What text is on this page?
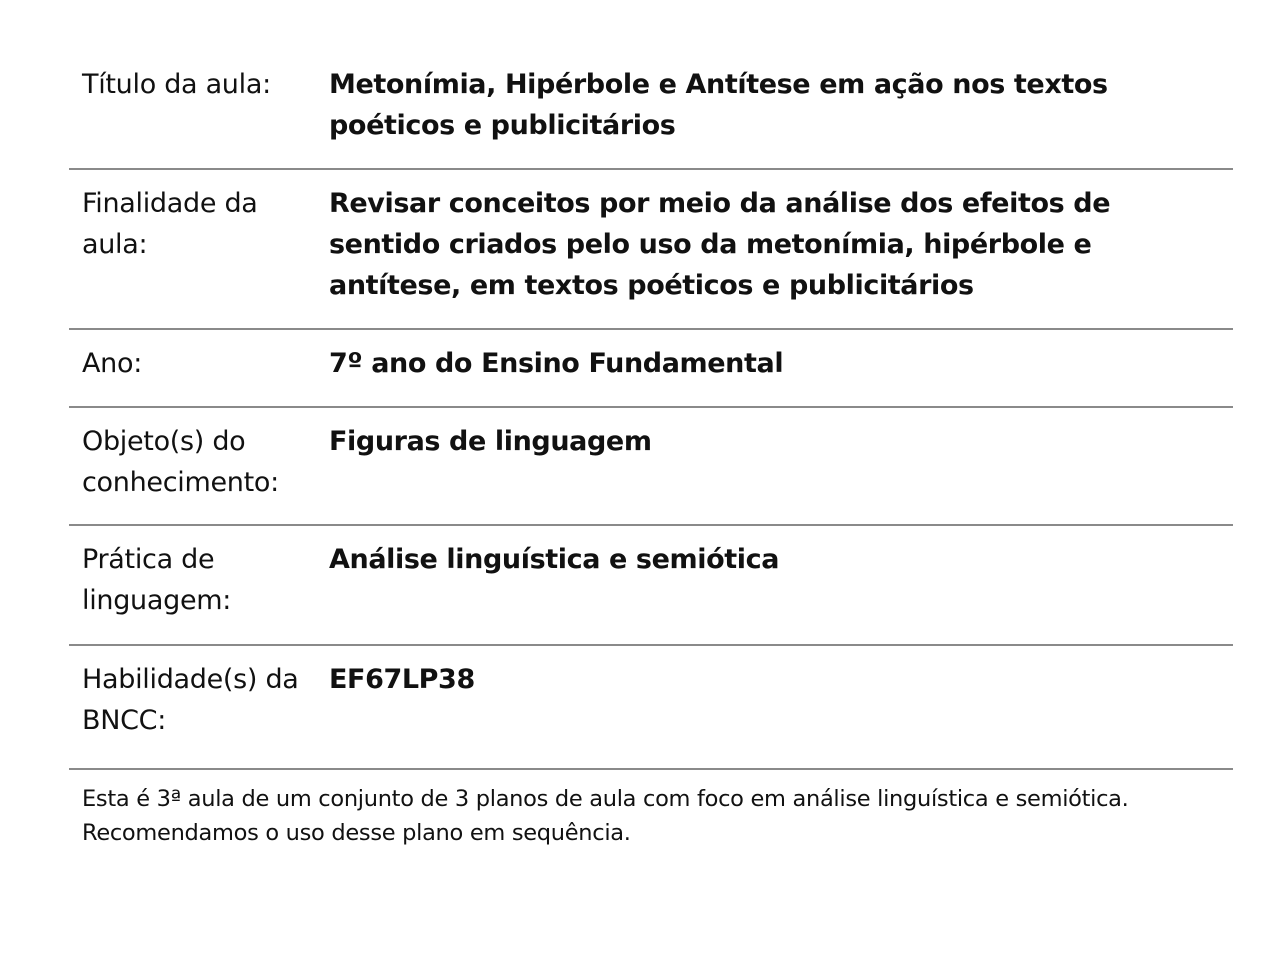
Título da aula:	Metonímia, Hipérbole e Antítese em ação nos textos poéticos e publicitários
Finalidade da aula:
Revisar conceitos por meio da análise dos efeitos de sentido criados pelo uso da metonímia, hipérbole e antítese, em textos poéticos e publicitários
Ano:	7º ano do Ensino Fundamental
Objeto(s) do conhecimento:
Figuras de linguagem
Prática de linguagem:
Análise linguística e semiótica
Habilidade(s) da BNCC:
EF67LP38

Esta é 3ª aula de um conjunto de 3 planos de aula com foco em análise linguística e semiótica.

Recomendamos o uso desse plano em sequência.
